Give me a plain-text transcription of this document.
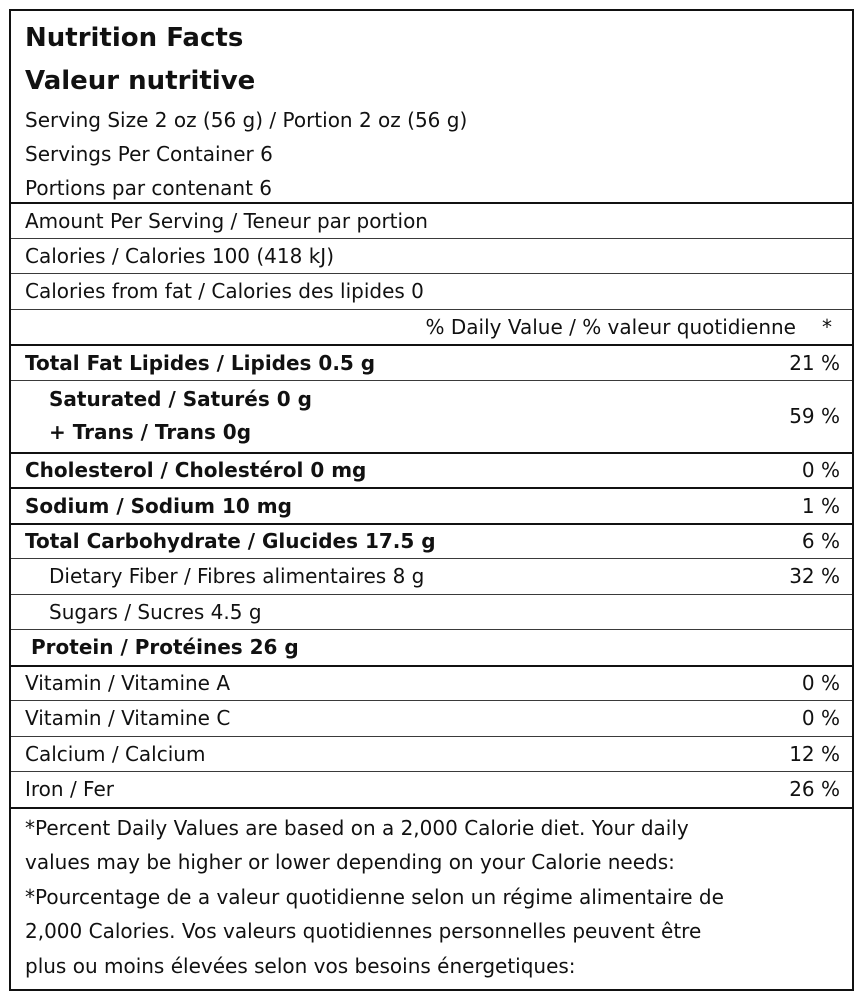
Nutrition Facts
Valeur nutritive
Serving Size 2 oz (56 g) / Portion 2 oz (56 g)
Servings Per Container 6
Portions par contenant 6
Amount Per Serving / Teneur par portion
Calories / Calories 100 (418 kJ)
Calories from fat / Calories des lipides 0
% Daily Value / % valeur quotidienne *
Total Fat Lipides / Lipides 0.5 g	21 %
Saturated / Saturés 0 g
+ Trans / Trans 0g
59 %
Cholesterol / Cholestérol 0 mg	0 %
Sodium / Sodium 10 mg	1 %
Total Carbohydrate / Glucides 17.5 g	6 %
Dietary Fiber / Fibres alimentaires 8 g	32 %
Sugars / Sucres 4.5 g
Protein / Protéines 26 g
Vitamin / Vitamine A	0 %
Vitamin / Vitamine C	0 %
Calcium / Calcium	12 %
Iron / Fer	26 %

*Percent Daily Values are based on a 2,000 Calorie diet. Your daily

values may be higher or lower depending on your Calorie needs:

*Pourcentage de a valeur quotidienne selon un régime alimentaire de

2,000 Calories. Vos valeurs quotidiennes personnelles peuvent être

plus ou moins élevées selon vos besoins énergetiques:
